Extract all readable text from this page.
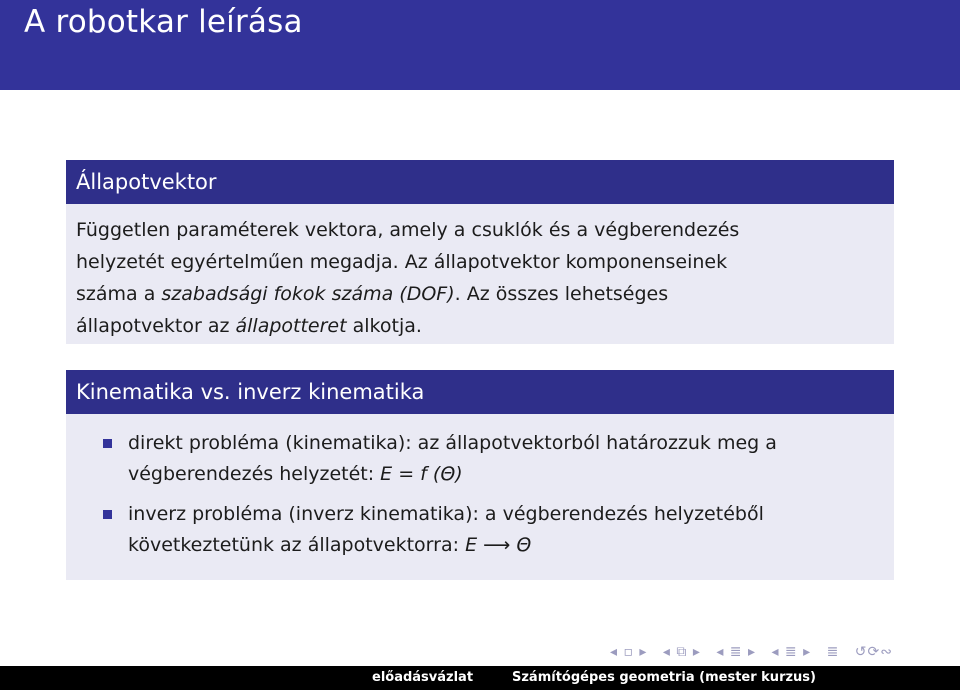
A robotkar leírása
Állapotvektor

Független paraméterek vektora, amely a csuklók és a végberendezés

helyzetét egyértelműen megadja. Az állapotvektor komponenseinek

száma a szabadsági fokok száma (DOF). Az összes lehetséges

állapotvektor az állapotteret alkotja.

Kinematika vs. inverz kinematika
direkt probléma (kinematika): az állapotvektorból határozzuk meg a
végberendezés helyzetét: E = f (Θ)
inverz probléma (inverz kinematika): a végberendezés helyzetéből
következtetünk az állapotvektorra: E ⟶ Θ
◂ ▫ ▸ ◂ ⧉ ▸ ◂ ≣ ▸ ◂ ≣ ▸ ≣ ↺⟳∾
előadásvázlat	Számítógépes geometria (mester kurzus)
